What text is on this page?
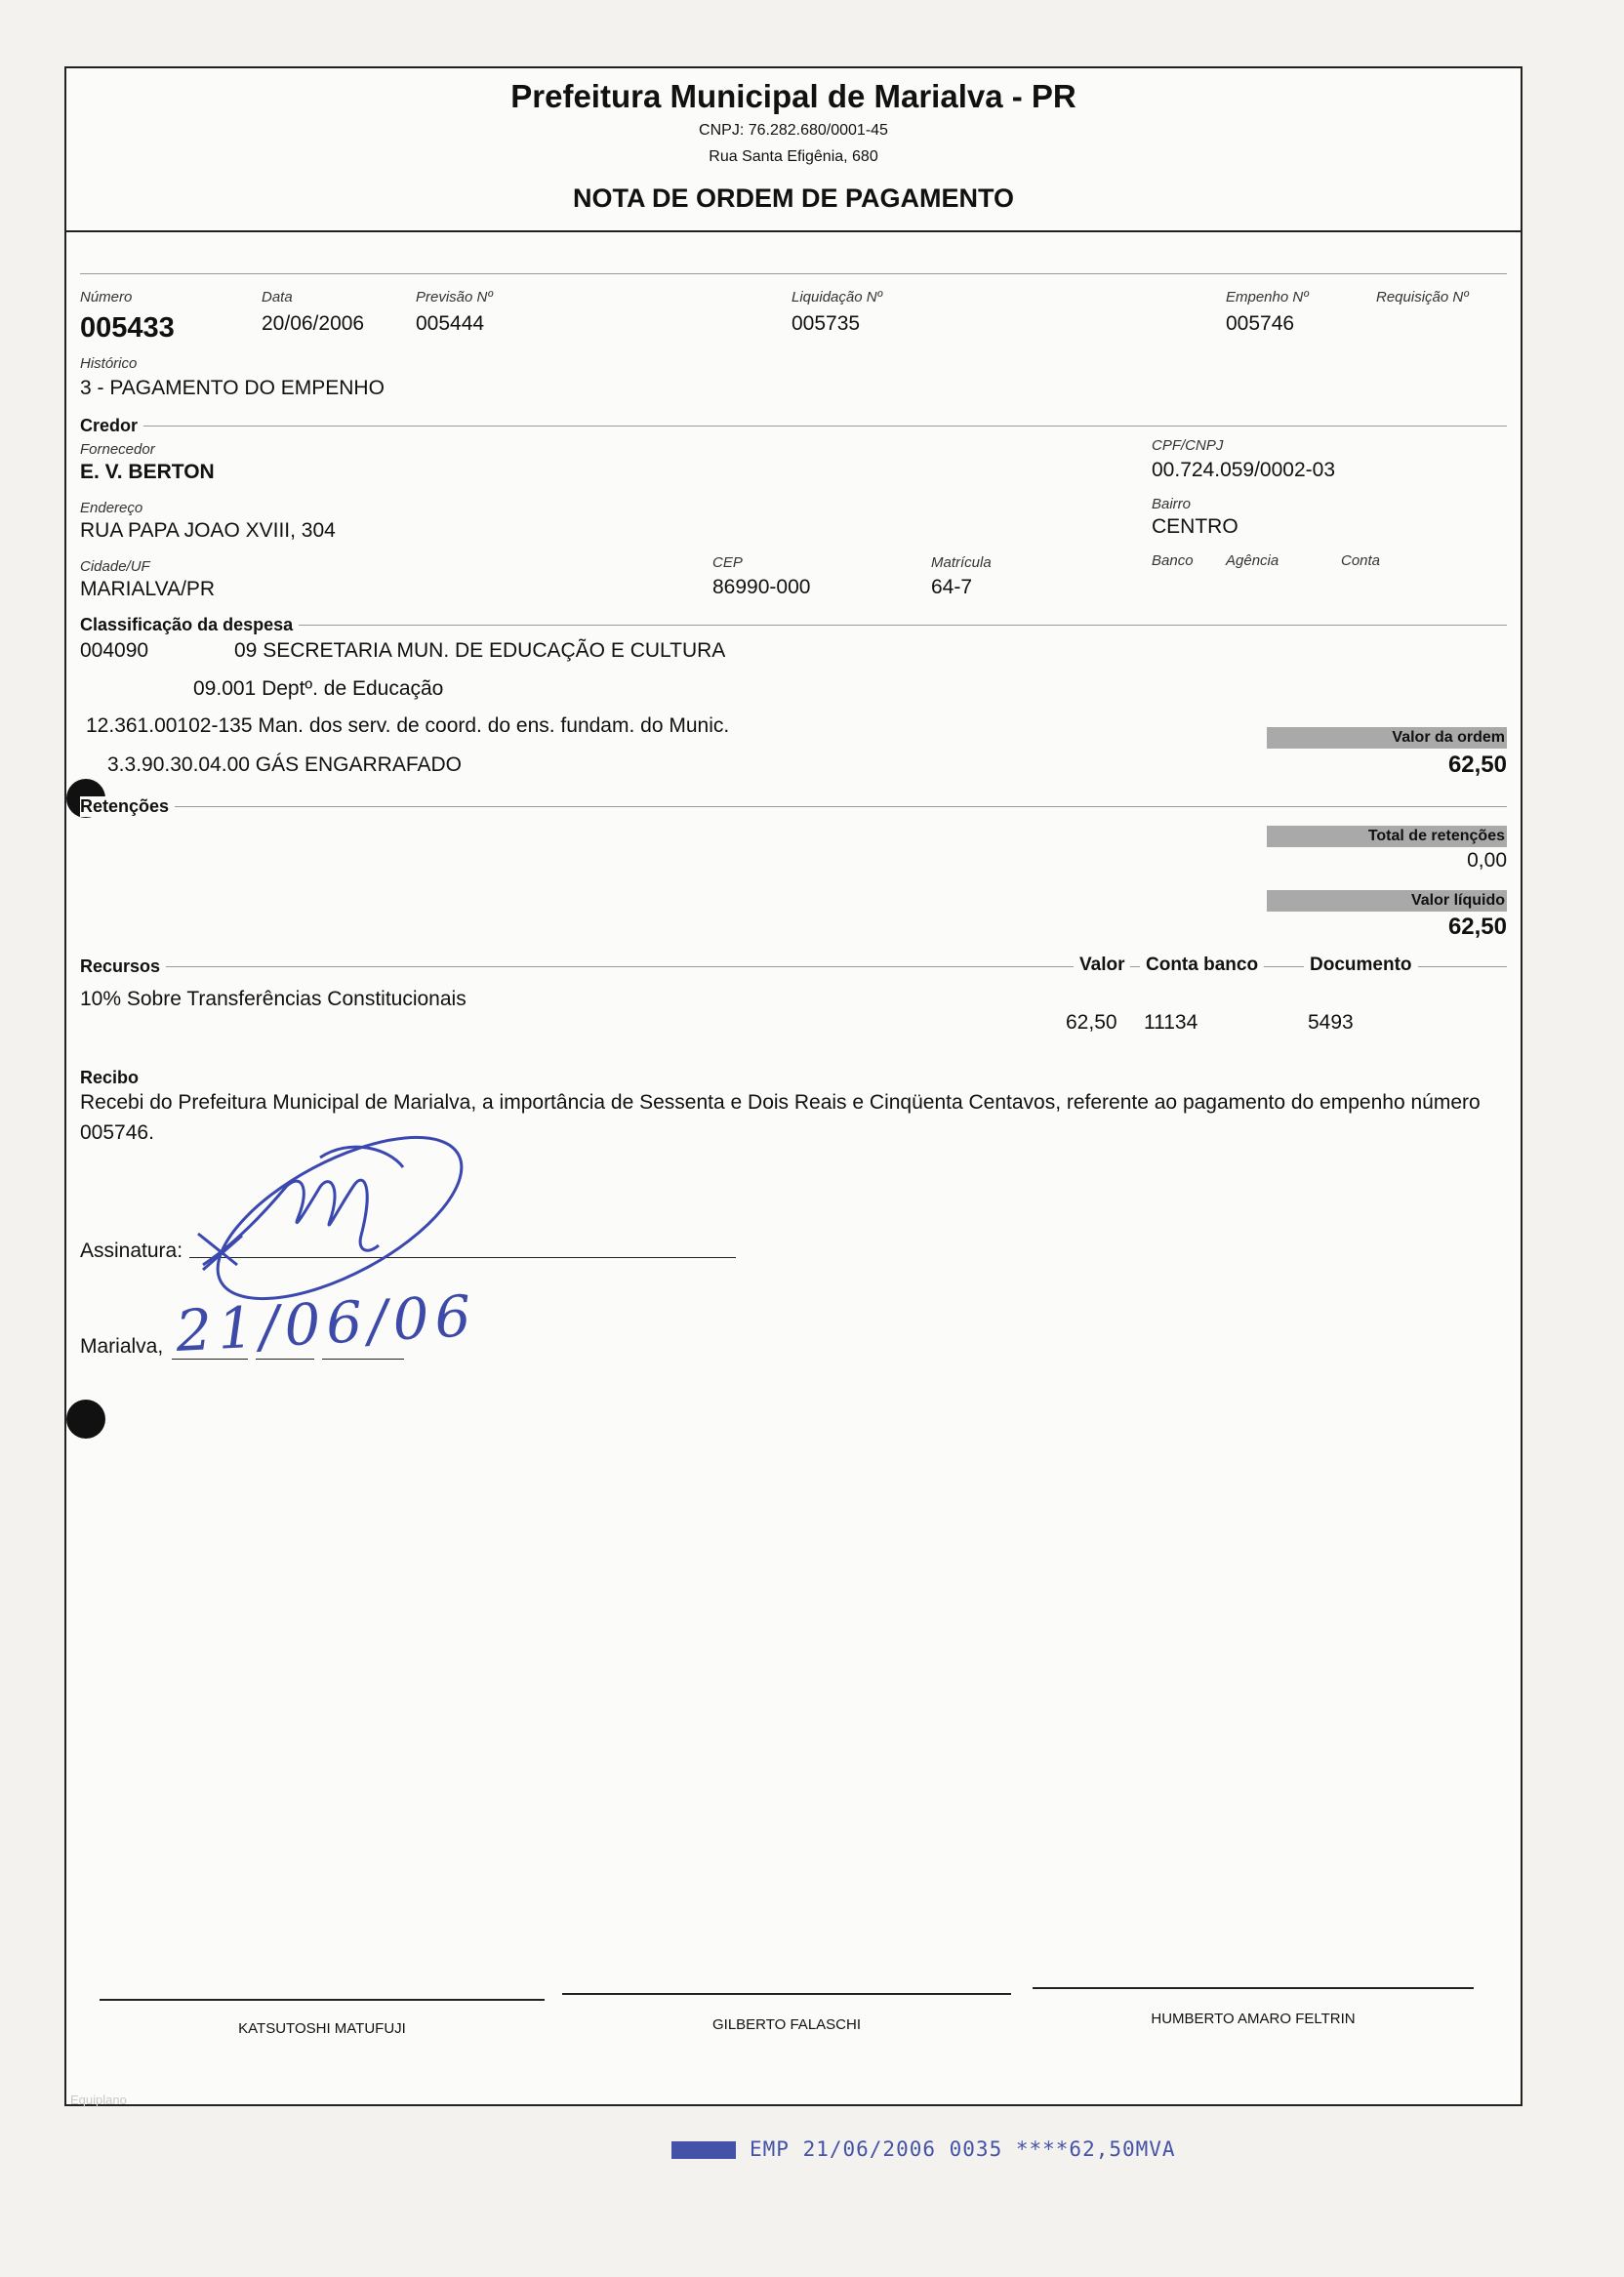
Prefeitura Municipal de Marialva - PR
CNPJ: 76.282.680/0001-45
Rua Santa Efigênia, 680
NOTA DE ORDEM DE PAGAMENTO
Número
005433
Data
20/06/2006
Previsão Nº
005444
Liquidação Nº
005735
Empenho Nº
005746
Requisição Nº
Histórico
3 - PAGAMENTO DO EMPENHO
Credor
Fornecedor
E. V. BERTON
CPF/CNPJ
00.724.059/0002-03
Endereço
RUA PAPA JOAO XVIII, 304
Bairro
CENTRO
Cidade/UF
MARIALVA/PR
CEP
86990-000
Matrícula
64-7
Banco Agência	Conta
Classificação da despesa
004090	09 SECRETARIA MUN. DE EDUCAÇÃO E CULTURA
09.001 Deptº. de Educação
12.361.00102-135 Man. dos serv. de coord. do ens. fundam. do Munic.
3.3.90.30.04.00 GÁS ENGARRAFADO
Valor da ordem
62,50
Retenções
Total de retenções
0,00
Valor líquido
62,50
Recursos	Valor	Conta banco	Documento
10% Sobre Transferências Constitucionais
62,50 11134	5493
Recibo
Recebi do Prefeitura Municipal de Marialva, a importância de Sessenta e Dois Reais e Cinqüenta Centavos, referente ao pagamento do empenho número 005746.
Assinatura:
Marialva, 21/06/06
KATSUTOSHI MATUFUJI	GILBERTO FALASCHI	HUMBERTO AMARO FELTRIN
Equiplano
EMP 21/06/2006 0035 ****62,50MVA
